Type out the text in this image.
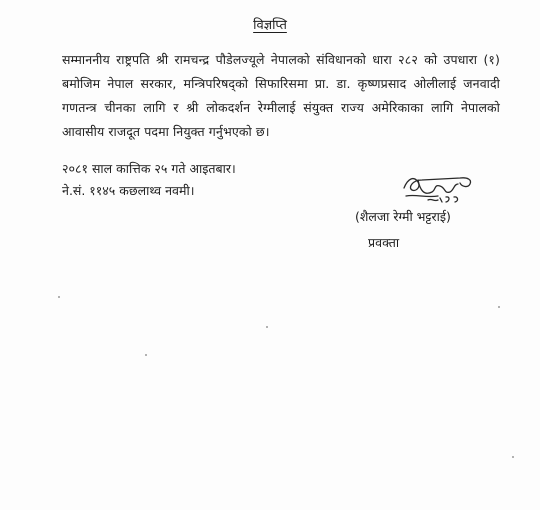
विज्ञप्ति
सम्माननीय राष्ट्रपति श्री रामचन्द्र पौडेलज्यूले नेपालको संविधानको धारा २८२ को उपधारा (१) बमोजिम नेपाल सरकार, मन्त्रिपरिषद्को सिफारिसमा प्रा. डा. कृष्णप्रसाद ओलीलाई जनवादी गणतन्त्र चीनका लागि र श्री लोकदर्शन रेग्मीलाई संयुक्त राज्य अमेरिकाका लागि नेपालको आवासीय राजदूत पदमा नियुक्त गर्नुभएको छ।
२०८१ साल कात्तिक २५ गते आइतबार।
ने.सं. ११४५ कछलाथ्व नवमी।
(शैलजा रेग्मी भट्टराई)
प्रवक्ता
